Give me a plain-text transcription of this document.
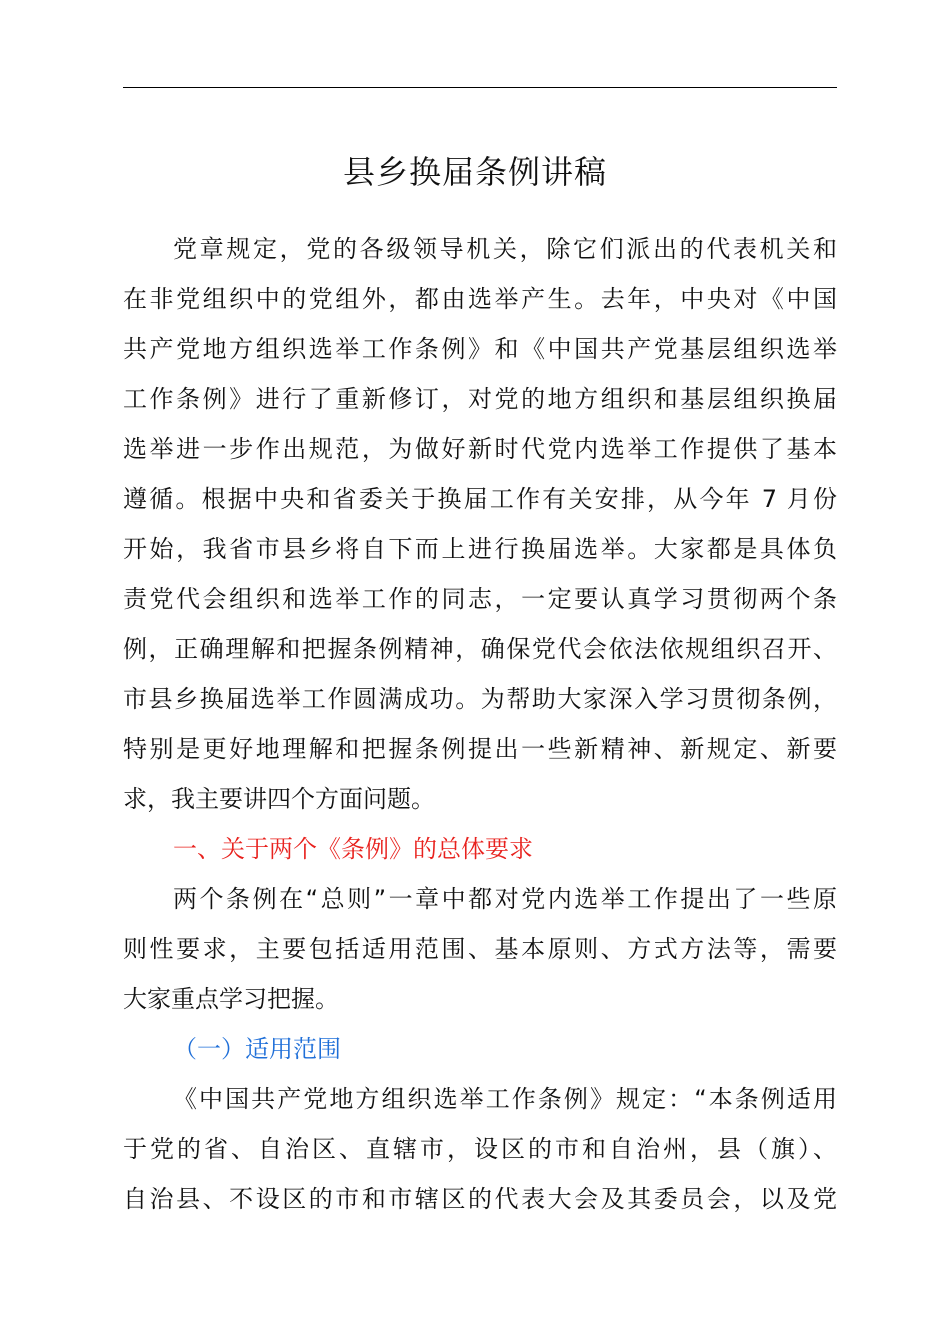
县乡换届条例讲稿
党章规定，党的各级领导机关，除它们派出的代表机关和
在非党组织中的党组外，都由选举产生。去年，中央对《中国
共产党地方组织选举工作条例》和《中国共产党基层组织选举
工作条例》进行了重新修订，对党的地方组织和基层组织换届
选举进一步作出规范，为做好新时代党内选举工作提供了基本
遵循。根据中央和省委关于换届工作有关安排，从今年 7 月份
开始，我省市县乡将自下而上进行换届选举。大家都是具体负
责党代会组织和选举工作的同志，一定要认真学习贯彻两个条
例，正确理解和把握条例精神，确保党代会依法依规组织召开、
市县乡换届选举工作圆满成功。为帮助大家深入学习贯彻条例，
特别是更好地理解和把握条例提出一些新精神、新规定、新要
求，我主要讲四个方面问题。
一、关于两个《条例》的总体要求
两个条例在“总则”一章中都对党内选举工作提出了一些原
则性要求，主要包括适用范围、基本原则、方式方法等，需要
大家重点学习把握。
（一）适用范围
《中国共产党地方组织选举工作条例》规定：“本条例适用
于党的省、自治区、直辖市，设区的市和自治州，县（旗）、
自治县、不设区的市和市辖区的代表大会及其委员会，以及党
